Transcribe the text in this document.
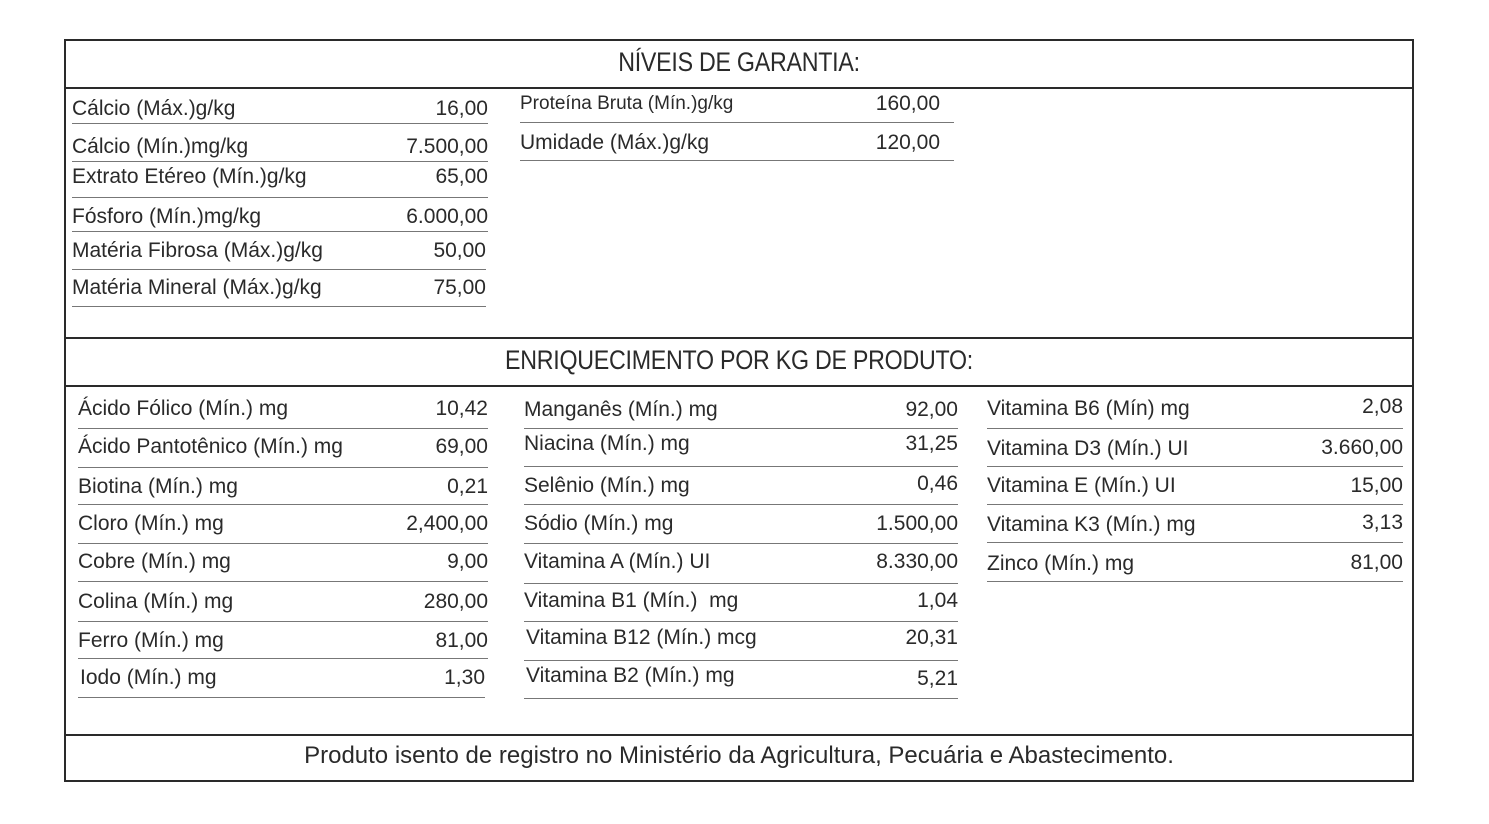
NÍVEIS DE GARANTIA:
ENRIQUECIMENTO POR KG DE PRODUTO:
Cálcio (Máx.)g/kg	16,00
Cálcio (Mín.)mg/kg	7.500,00
Extrato Etéreo (Mín.)g/kg	65,00
Fósforo (Mín.)mg/kg	6.000,00
Matéria Fibrosa (Máx.)g/kg	50,00
Matéria Mineral (Máx.)g/kg	75,00
Proteína Bruta (Mín.)g/kg	160,00
Umidade (Máx.)g/kg	120,00
Ácido Fólico (Mín.) mg	10,42
Ácido Pantotênico (Mín.) mg	69,00
Biotina (Mín.) mg	0,21
Cloro (Mín.) mg	2,400,00
Cobre (Mín.) mg	9,00
Colina (Mín.) mg	280,00
Ferro (Mín.) mg	81,00
Iodo (Mín.) mg	1,30
Manganês (Mín.) mg	92,00
Niacina (Mín.) mg	31,25
Selênio (Mín.) mg	0,46
Sódio (Mín.) mg	1.500,00
Vitamina A (Mín.) UI	8.330,00
Vitamina B1 (Mín.)  mg	1,04
Vitamina B12 (Mín.) mcg	20,31
Vitamina B2 (Mín.) mg	5,21
Vitamina B6 (Mín) mg	2,08
Vitamina D3 (Mín.) UI	3.660,00
Vitamina E (Mín.) UI	15,00
Vitamina K3 (Mín.) mg	3,13
Zinco (Mín.) mg	81,00
Produto isento de registro no Ministério da Agricultura, Pecuária e Abastecimento.
